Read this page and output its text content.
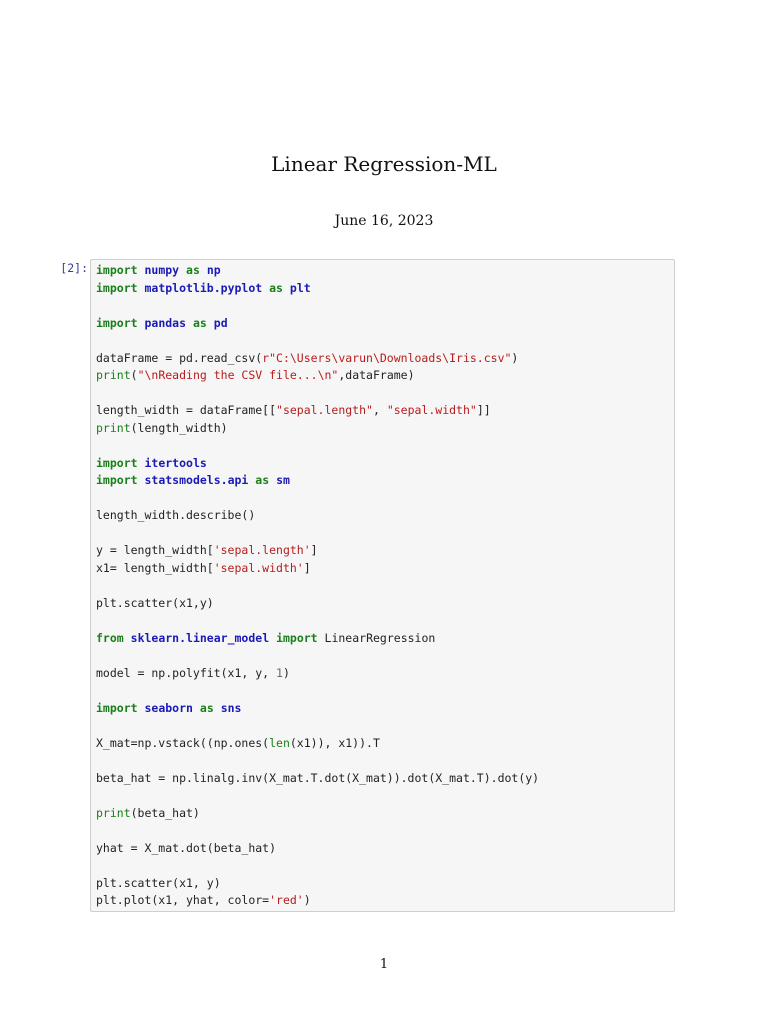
Linear Regression-ML
June 16, 2023
[2]: import numpy as np
import matplotlib.pyplot as plt

import pandas as pd

dataFrame = pd.read_csv(r"C:\Users\varun\Downloads\Iris.csv")
print("\nReading the CSV file...\n",dataFrame)

length_width = dataFrame[["sepal.length", "sepal.width"]]
print(length_width)

import itertools
import statsmodels.api as sm

length_width.describe()

y = length_width['sepal.length']
x1= length_width['sepal.width']

plt.scatter(x1,y)

from sklearn.linear_model import LinearRegression

model = np.polyfit(x1, y, 1)

import seaborn as sns

X_mat=np.vstack((np.ones(len(x1)), x1)).T

beta_hat = np.linalg.inv(X_mat.T.dot(X_mat)).dot(X_mat.T).dot(y)

print(beta_hat)

yhat = X_mat.dot(beta_hat)

plt.scatter(x1, y)
plt.plot(x1, yhat, color='red')
1
